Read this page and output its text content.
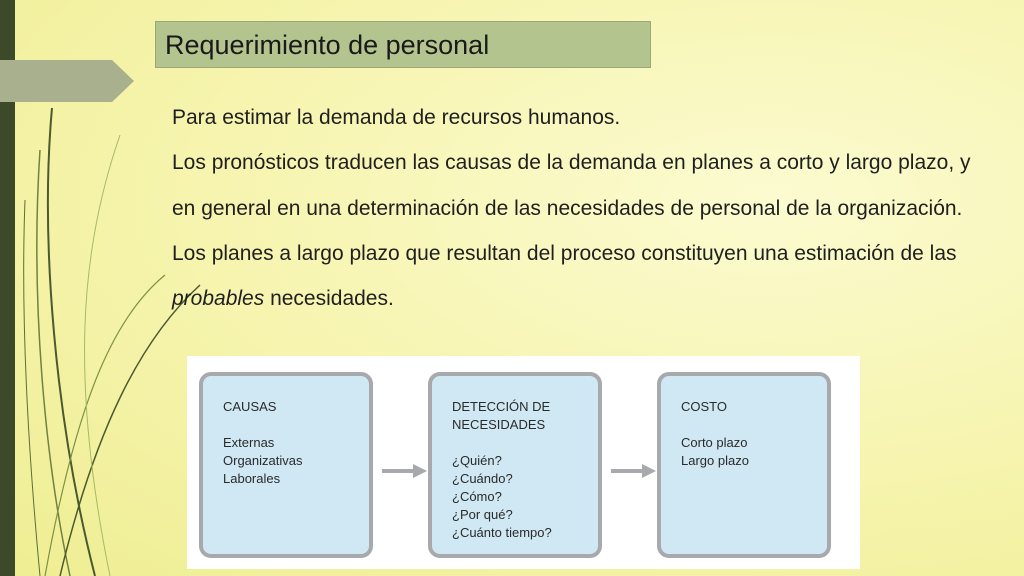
Requerimiento de personal

Para estimar la demanda de recursos humanos.

Los pronósticos traducen las causas de la demanda en planes a corto y largo plazo, y en general en una determinación de las necesidades de personal de la organización.

Los planes a largo plazo que resultan del proceso constituyen una estimación de las probables necesidades.

CAUSAS
Externas
Organizativas
Laborales
DETECCIÓN DE
NECESIDADES
¿Quién?
¿Cuándo?
¿Cómo?
¿Por qué?
¿Cuánto tiempo?
COSTO
Corto plazo
Largo plazo
